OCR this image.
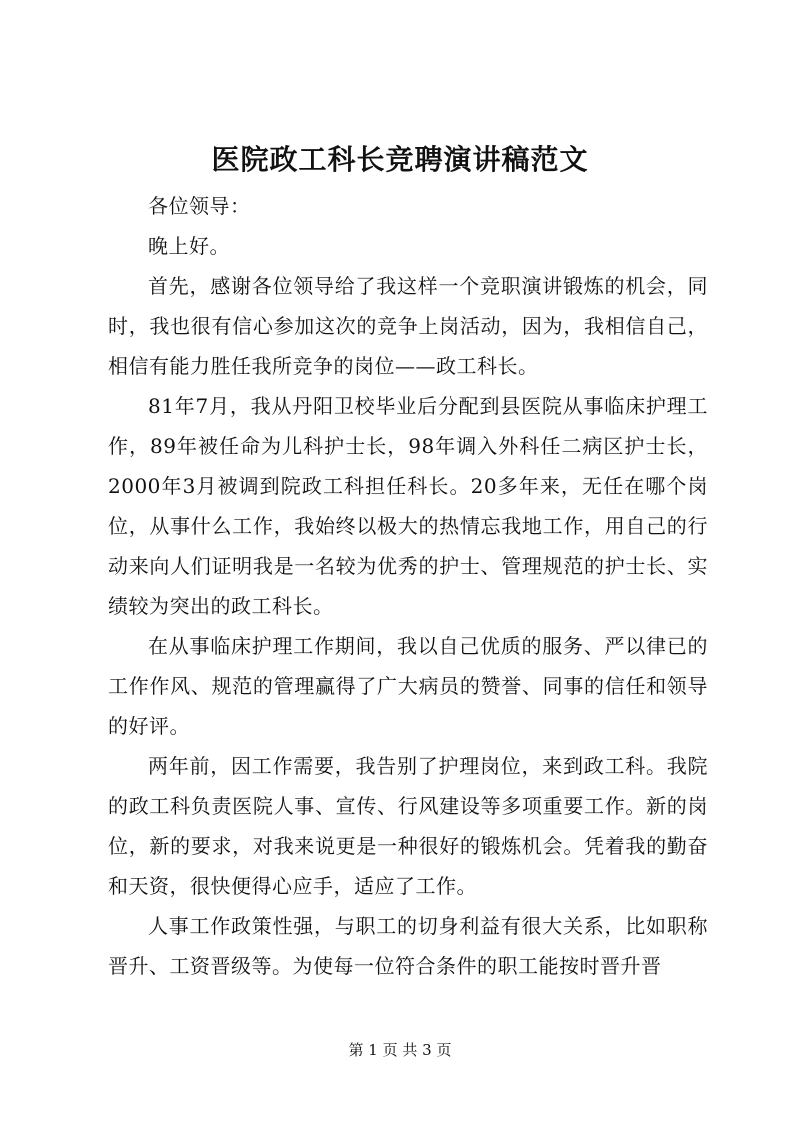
医院政工科长竞聘演讲稿范文

各位领导：

晚上好。

首先，感谢各位领导给了我这样一个竞职演讲锻炼的机会，同时，我也很有信心参加这次的竞争上岗活动，因为，我相信自己，相信有能力胜任我所竞争的岗位——政工科长。

81年7月，我从丹阳卫校毕业后分配到县医院从事临床护理工作，89年被任命为儿科护士长，98年调入外科任二病区护士长，2000年3月被调到院政工科担任科长。20多年来，无任在哪个岗位，从事什么工作，我始终以极大的热情忘我地工作，用自己的行动来向人们证明我是一名较为优秀的护士、管理规范的护士长、实绩较为突出的政工科长。

在从事临床护理工作期间，我以自己优质的服务、严以律已的工作作风、规范的管理赢得了广大病员的赞誉、同事的信任和领导的好评。

两年前，因工作需要，我告别了护理岗位，来到政工科。我院的政工科负责医院人事、宣传、行风建设等多项重要工作。新的岗位，新的要求，对我来说更是一种很好的锻炼机会。凭着我的勤奋和天资，很快便得心应手，适应了工作。

人事工作政策性强，与职工的切身利益有很大关系，比如职称晋升、工资晋级等。为使每一位符合条件的职工能按时晋升晋

第 1 页 共 3 页
